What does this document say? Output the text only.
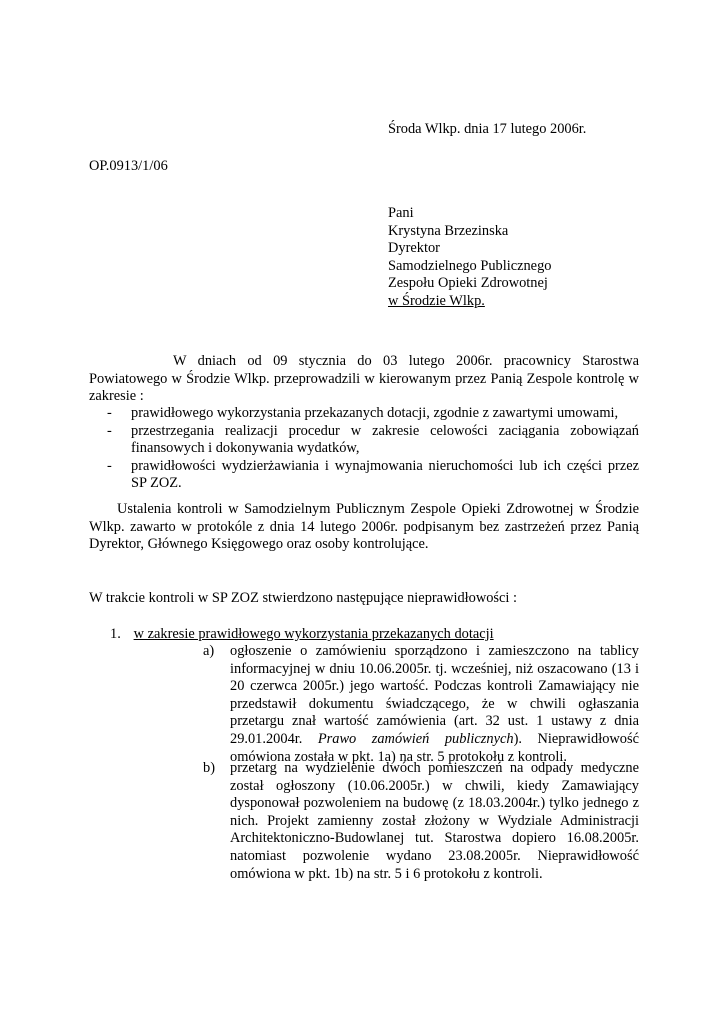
Środa Wlkp. dnia 17 lutego 2006r.
OP.0913/1/06
Pani
Krystyna Brzezinska
Dyrektor
Samodzielnego Publicznego
Zespołu Opieki Zdrowotnej
w Środzie Wlkp.
W dniach od 09 stycznia do 03 lutego 2006r. pracownicy Starostwa Powiatowego w Środzie Wlkp. przeprowadzili w kierowanym przez Panią Zespole kontrolę w zakresie :
-	prawidłowego wykorzystania przekazanych dotacji, zgodnie z zawartymi umowami,
-	przestrzegania realizacji procedur w zakresie celowości zaciągania zobowiązań finansowych i dokonywania wydatków,
-	prawidłowości wydzierżawiania i wynajmowania nieruchomości lub ich części przez SP ZOZ.
Ustalenia kontroli w Samodzielnym Publicznym Zespole Opieki Zdrowotnej w Środzie Wlkp. zawarto w protokóle z dnia 14 lutego 2006r. podpisanym bez zastrzeżeń przez Panią Dyrektor, Głównego Księgowego oraz osoby kontrolujące.
W trakcie kontroli w SP ZOZ stwierdzono następujące nieprawidłowości :
1. w zakresie prawidłowego wykorzystania przekazanych dotacji
a) ogłoszenie o zamówieniu sporządzono i zamieszczono na tablicy informacyjnej w dniu 10.06.2005r. tj. wcześniej, niż oszacowano (13 i 20 czerwca 2005r.) jego wartość. Podczas kontroli Zamawiający nie przedstawił dokumentu świadczącego, że w chwili ogłaszania przetargu znał wartość zamówienia (art. 32 ust. 1 ustawy z dnia 29.01.2004r. Prawo zamówień publicznych). Nieprawidłowość omówiona została w pkt. 1a) na str. 5 protokołu z kontroli.
b) przetarg na wydzielenie dwóch pomieszczeń na odpady medyczne został ogłoszony (10.06.2005r.) w chwili, kiedy Zamawiający dysponował pozwoleniem na budowę (z 18.03.2004r.) tylko jednego z nich. Projekt zamienny został złożony w Wydziale Administracji Architektoniczno-Budowlanej tut. Starostwa dopiero 16.08.2005r. natomiast pozwolenie wydano 23.08.2005r. Nieprawidłowość omówiona w pkt. 1b) na str. 5 i 6 protokołu z kontroli.
